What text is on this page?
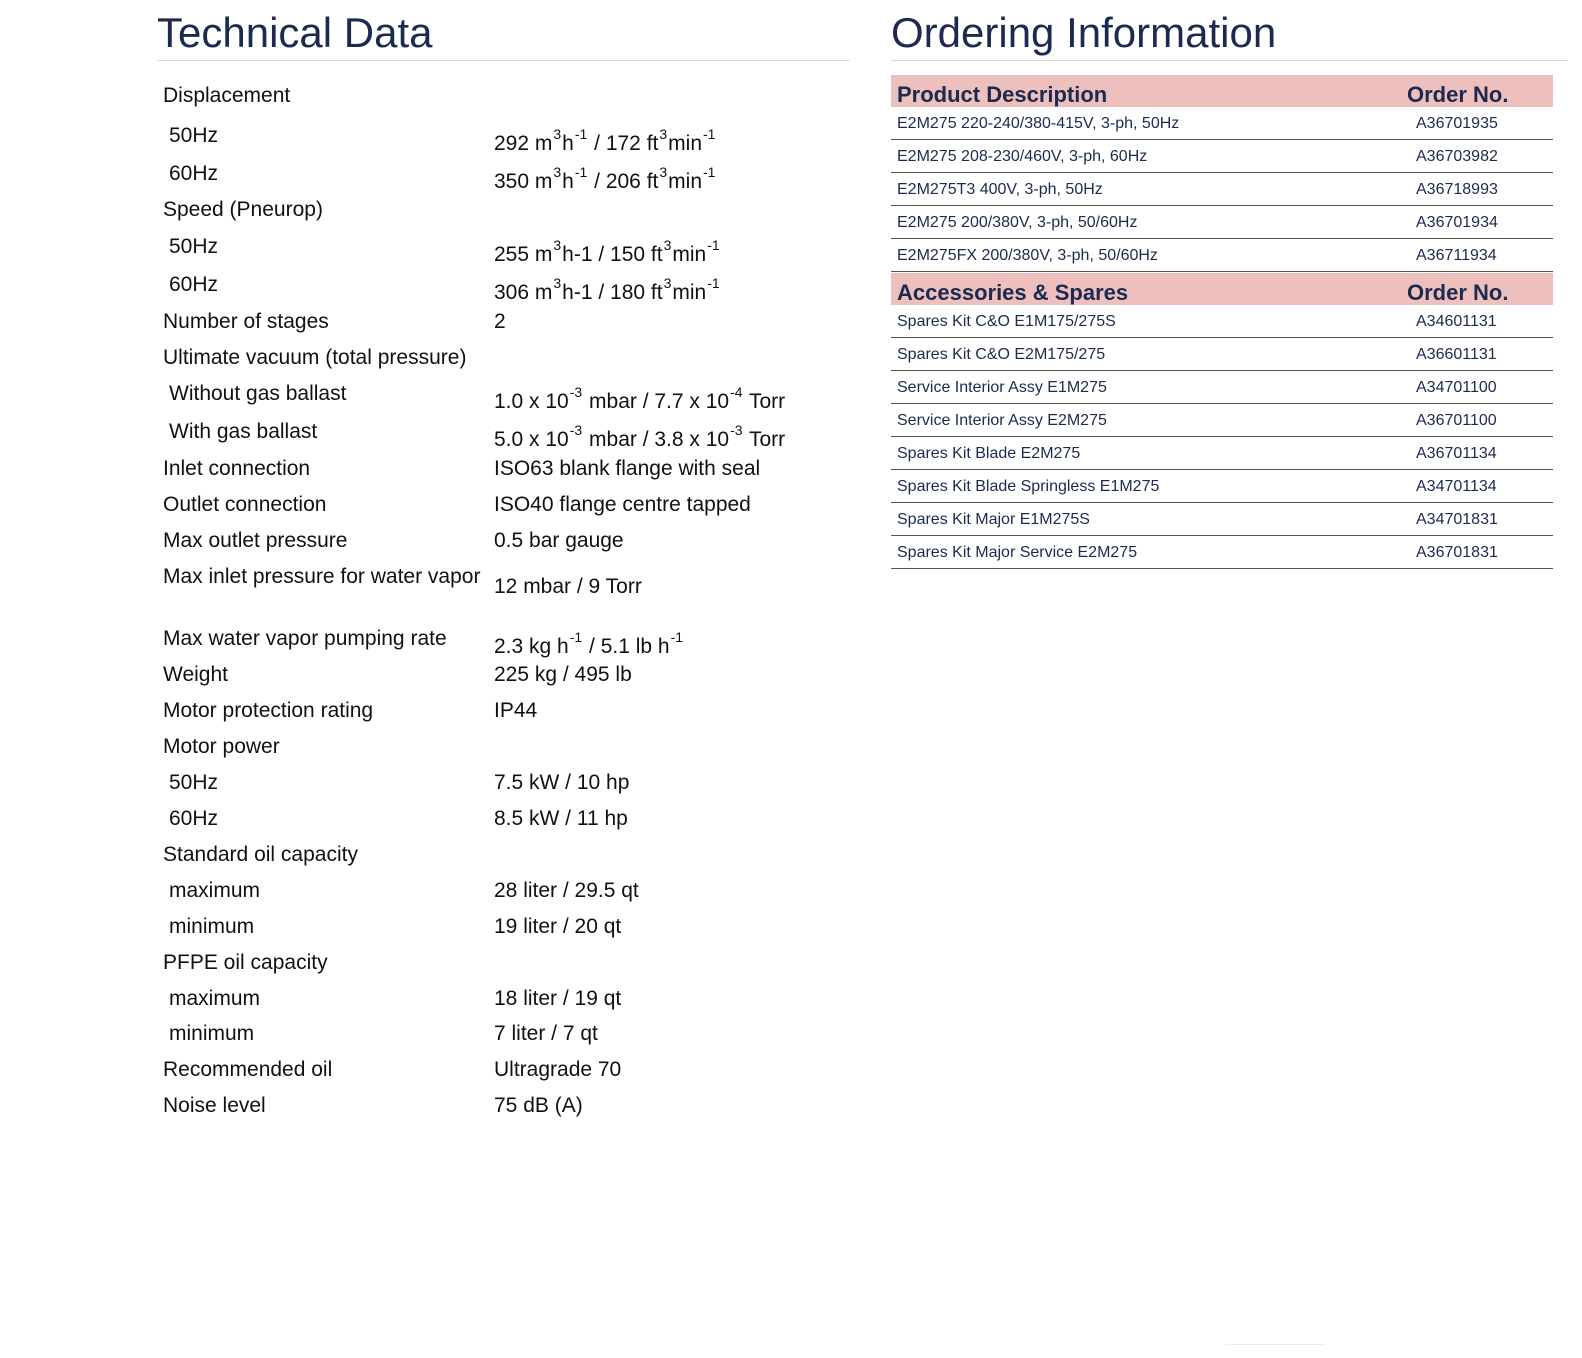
Technical Data	Ordering Information
Displacement
50Hz	292 $m^3h^{-1} / 172$ $ft^3\min^{-1}$
60Hz	350 $m^3h^{-1} / 206$ $ft^3\min^{-1}$
Speed (Pneurop)
50Hz	255 $m^3h-1 / 150$ $ft^3\min^{-1}$
60Hz	306 $m^3h-1 / 180$ $ft^3\min^{-1}$
Number of stages	2
Ultimate vacuum (total pressure)
Without gas ballast	1.0 x $10^{-3}$ mbar / 7.7 x $10^{-4}$ Torr
With gas ballast	5.0 x $10^{-3}$ mbar / 3.8 x $10^{-3}$ Torr
Inlet connection	ISO63 blank flange with seal
Outlet connection	ISO40 flange centre tapped
Max outlet pressure	0.5 bar gauge
Max inlet pressure for water vapor 12 mbar / 9 Torr
Max water vapor pumping rate	2.3 kg $h^{-1} / 5.1$ lb $h^{-1}$
Weight	225 kg / 495 lb
Motor protection rating	IP44
Motor power
50Hz	7.5 kW / 10 hp
60Hz	8.5 kW / 11 hp
Standard oil capacity
maximum	28 liter / 29.5 qt
minimum	19 liter / 20 qt
PFPE oil capacity
maximum	18 liter / 19 qt
minimum	7 liter / 7 qt
Recommended oil	Ultragrade 70
Noise level	75 dB (A)
Product Description	Order No.
E2M275 220-240/380-415V, 3-ph, 50Hz	A36701935
E2M275 208-230/460V, 3-ph, 60Hz	A36703982
E2M275T3 400V, 3-ph, 50Hz	A36718993
E2M275 200/380V, 3-ph, 50/60Hz	A36701934
E2M275FX 200/380V, 3-ph, 50/60Hz	A36711934
Accessories & Spares	Order No.
Spares Kit C&O E1M175/275S	A34601131
Spares Kit C&O E2M175/275	A36601131
Service Interior Assy E1M275	A34701100
Service Interior Assy E2M275	A36701100
Spares Kit Blade E2M275	A36701134
Spares Kit Blade Springless E1M275	A34701134
Spares Kit Major E1M275S	A34701831
Spares Kit Major Service E2M275	A36701831
